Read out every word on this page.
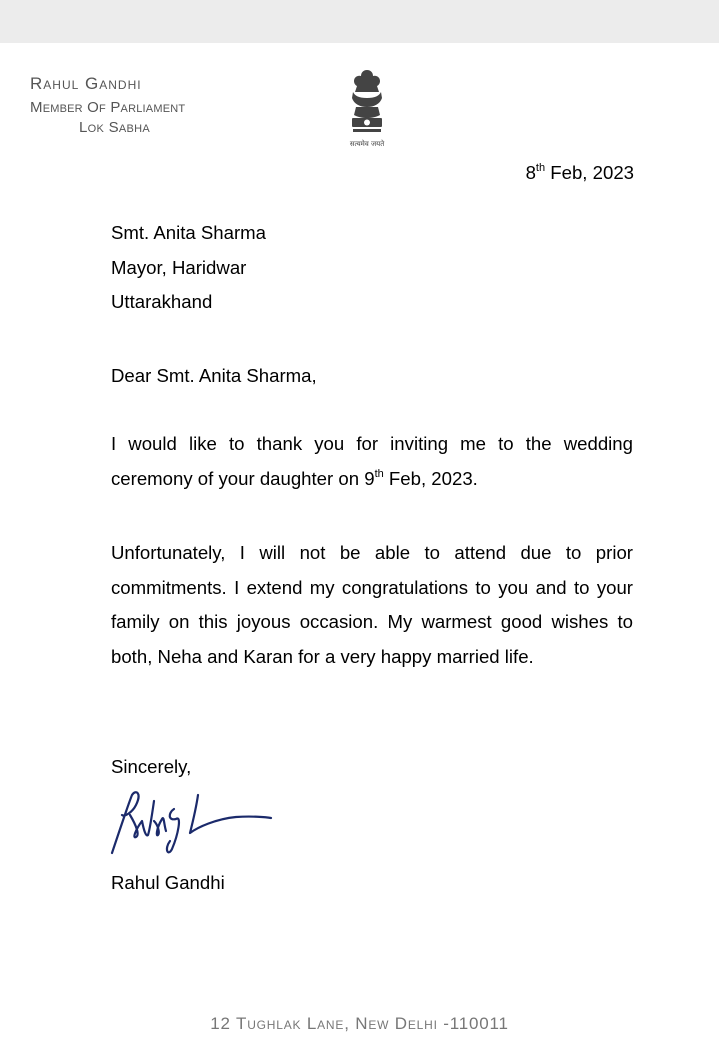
Rahul Gandhi
Member Of Parliament
Lok Sabha
सत्यमेव जयते
8th Feb, 2023
Smt. Anita Sharma
Mayor, Haridwar
Uttarakhand
Dear Smt. Anita Sharma,
I would like to thank you for inviting me to the wedding ceremony of your daughter on 9th Feb, 2023.
Unfortunately, I will not be able to attend due to prior commitments. I extend my congratulations to you and to your family on this joyous occasion. My warmest good wishes to both, Neha and Karan for a very happy married life.
Sincerely,
Rahul Gandhi
12 Tughlak Lane, New Delhi -110011
